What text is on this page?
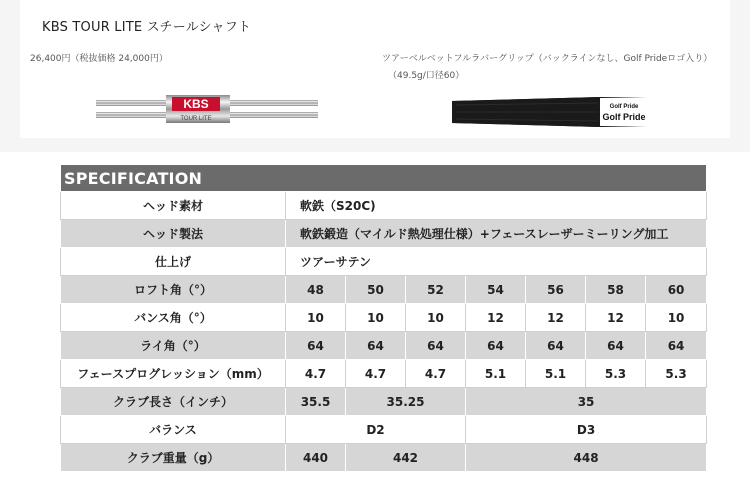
KBS TOUR LITE スチールシャフト
26,400円（税抜価格 24,000円）
KBS
TOUR LITE
ツアーベルベットフルラバーグリップ（バックラインなし、Golf Prideロゴ入り）
（49.5g/口径60）
Golf Pride
Golf Pride
SPECIFICATION							
ヘッド素材	軟鉄（S20C)						
ヘッド製法	軟鉄鍛造（マイルド熱処理仕様）+フェースレーザーミーリング加工						
仕上げ	ツアーサテン						
ロフト角（°）	48	50	52	54	56	58	60
バンス角（°）	10	10	10	12	12	12	10
ライ角（°）	64	64	64	64	64	64	64
フェースプログレッション（mm）	4.7	4.7	4.7	5.1	5.1	5.3	5.3
クラブ長さ（インチ）	35.5	35.25		35			
バランス	D2			D3			
クラブ重量（g）	440	442		448			
